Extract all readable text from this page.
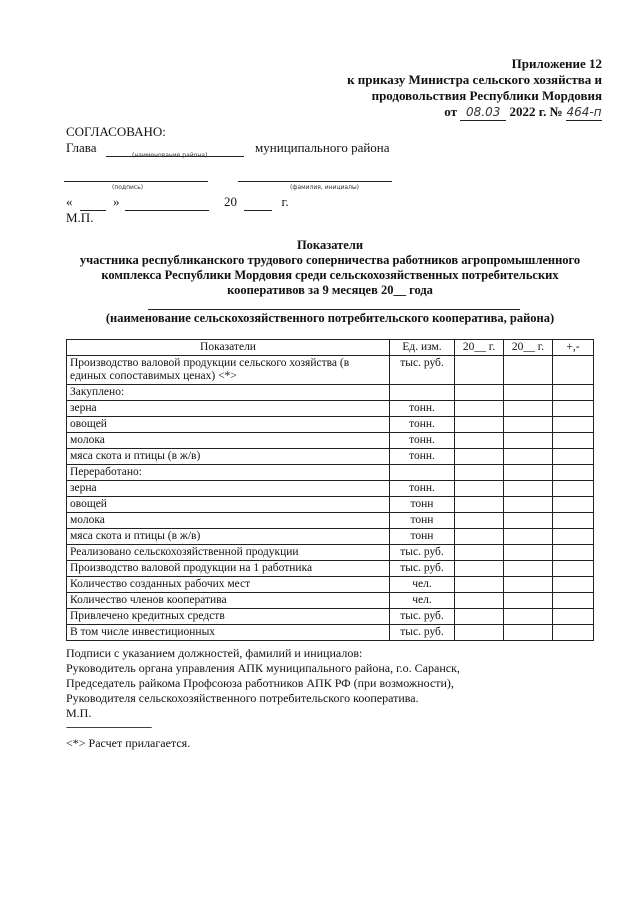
Приложение 12
к приказу Министра сельского хозяйства и
продовольствия Республики Мордовия
от 08.03 2022 г. № 464-п
СОГЛАСОВАНО:
Глава	муниципального района
(наименование района)
(подпись)	(фамилия, инициалы)
«	»	20	г.
М.П.
Показатели
участника республиканского трудового соперничества работников агропромышленного
комплекса Республики Мордовия среди сельскохозяйственных потребительских
кооперативов за 9 месяцев 20__ года
(наименование сельскохозяйственного потребительского кооператива, района)
Показатели	Ед. изм.	20__ г.	20__ г.	+,-
Производство валовой продукции сельского хозяйства (в единых сопоставимых ценах) <*>	тыс. руб.			
Закуплено:				
зерна	тонн.			
овощей	тонн.			
молока	тонн.			
мяса скота и птицы (в ж/в)	тонн.			
Переработано:				
зерна	тонн.			
овощей	тонн			
молока	тонн			
мяса скота и птицы (в ж/в)	тонн			
Реализовано сельскохозяйственной продукции	тыс. руб.			
Производство валовой продукции на 1 работника	тыс. руб.			
Количество созданных рабочих мест	чел.			
Количество членов кооператива	чел.			
Привлечено кредитных средств	тыс. руб.			
В том числе инвестиционных	тыс. руб.			
Подписи с указанием должностей, фамилий и инициалов:
Руководитель органа управления АПК муниципального района, г.о. Саранск,
Председатель райкома Профсоюза работников АПК РФ (при возможности),
Руководителя сельскохозяйственного потребительского кооператива.
М.П.
--------------------------------
<*> Расчет прилагается.
